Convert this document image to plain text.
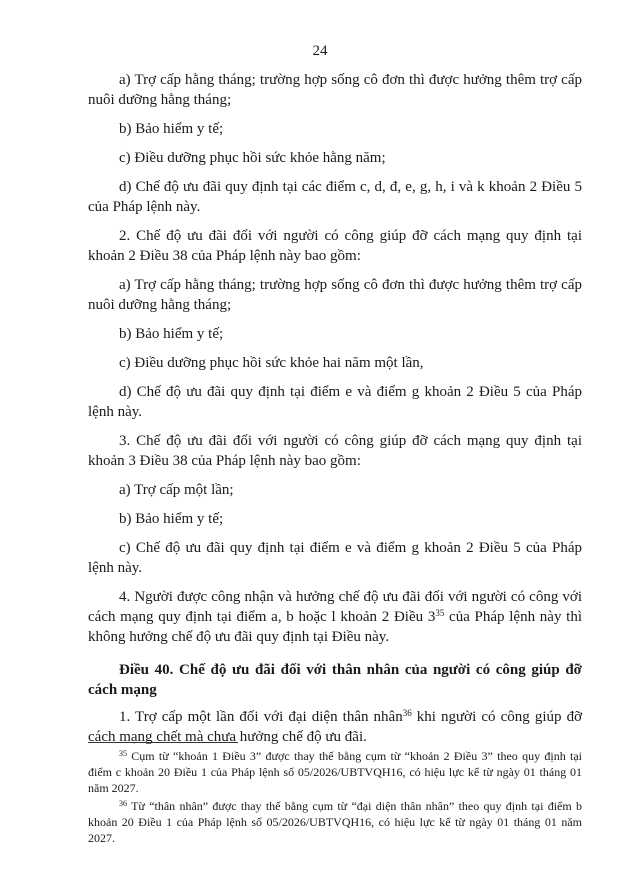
24

a) Trợ cấp hằng tháng; trường hợp sống cô đơn thì được hưởng thêm trợ cấp nuôi dưỡng hằng tháng;

b) Bảo hiểm y tế;

c) Điều dưỡng phục hồi sức khỏe hằng năm;

d) Chế độ ưu đãi quy định tại các điểm c, d, đ, e, g, h, i và k khoản 2 Điều 5 của Pháp lệnh này.

2. Chế độ ưu đãi đối với người có công giúp đỡ cách mạng quy định tại khoản 2 Điều 38 của Pháp lệnh này bao gồm:

a) Trợ cấp hằng tháng; trường hợp sống cô đơn thì được hưởng thêm trợ cấp nuôi dưỡng hằng tháng;

b) Bảo hiểm y tế;

c) Điều dưỡng phục hồi sức khỏe hai năm một lần,

d) Chế độ ưu đãi quy định tại điểm e và điểm g khoản 2 Điều 5 của Pháp lệnh này.

3. Chế độ ưu đãi đối với người có công giúp đỡ cách mạng quy định tại khoản 3 Điều 38 của Pháp lệnh này bao gồm:

a) Trợ cấp một lần;

b) Bảo hiểm y tế;

c) Chế độ ưu đãi quy định tại điểm e và điểm g khoản 2 Điều 5 của Pháp lệnh này.

4. Người được công nhận và hưởng chế độ ưu đãi đối với người có công với cách mạng quy định tại điểm a, b hoặc l khoản 2 Điều $3^{35}$ của Pháp lệnh này thì không hưởng chế độ ưu đãi quy định tại Điều này.

Điều 40. Chế độ ưu đãi đối với thân nhân của người có công giúp đỡ cách mạng

1. Trợ cấp một lần đối với đại diện thân nhân$^{36}$ khi người có công giúp đỡ cách mạng chết mà chưa hưởng chế độ ưu đãi.

$^{35}$ Cụm từ “khoản 1 Điều 3” được thay thế bằng cụm từ “khoản 2 Điều 3” theo quy định tại điểm c khoản 20 Điều 1 của Pháp lệnh số 05/2026/UBTVQH16, có hiệu lực kể từ ngày 01 tháng 01 năm 2027.

$^{36}$ Từ “thân nhân” được thay thế bằng cụm từ “đại diện thân nhân” theo quy định tại điểm b khoản 20 Điều 1 của Pháp lệnh số 05/2026/UBTVQH16, có hiệu lực kể từ ngày 01 tháng 01 năm 2027.
